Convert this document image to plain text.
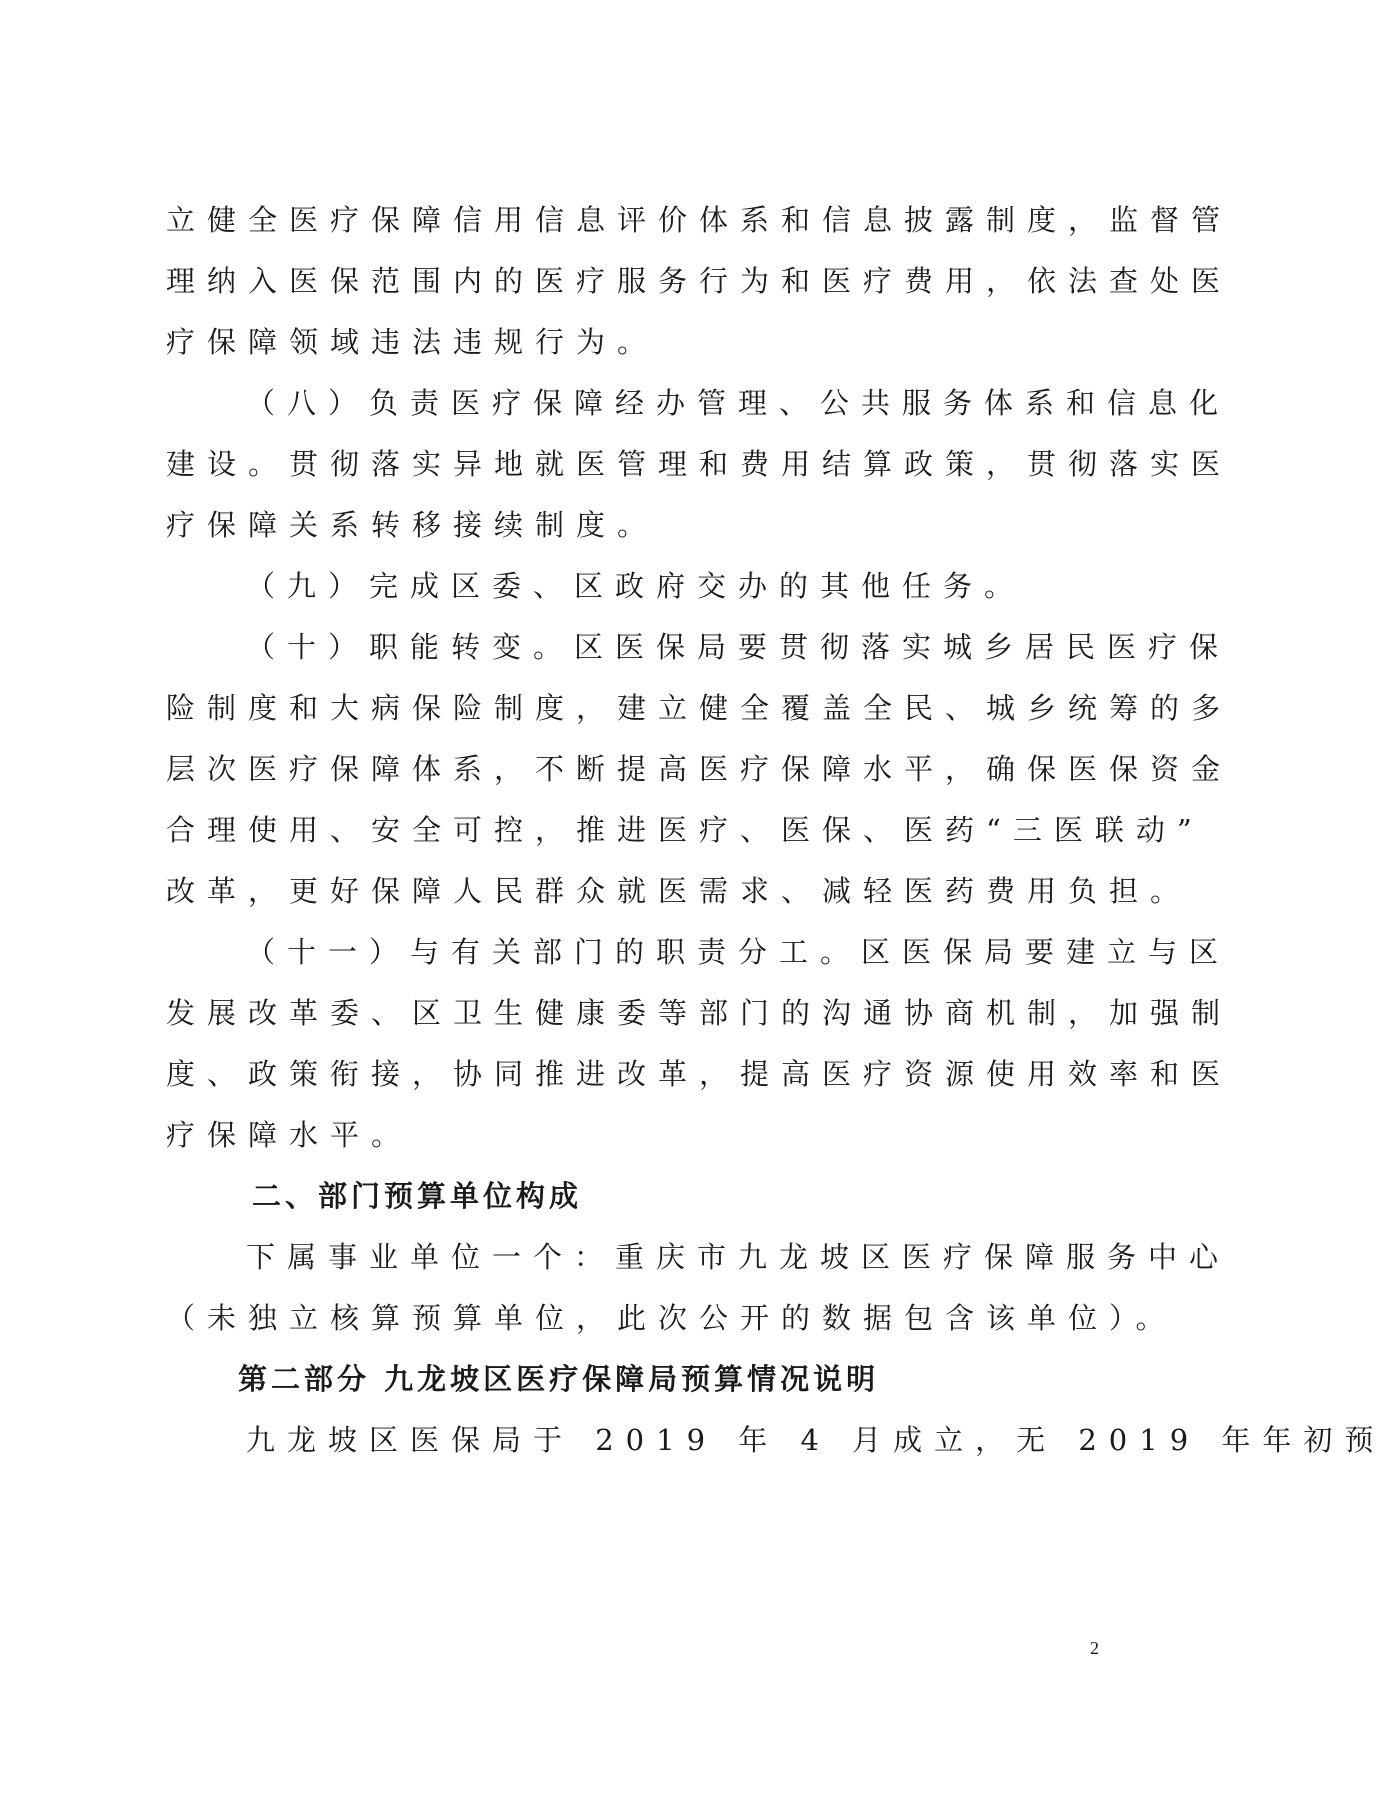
立健全医疗保障信用信息评价体系和信息披露制度，监督管
理纳入医保范围内的医疗服务行为和医疗费用，依法查处医
疗保障领域违法违规行为。
（八）负责医疗保障经办管理、公共服务体系和信息化
建设。贯彻落实异地就医管理和费用结算政策，贯彻落实医
疗保障关系转移接续制度。
（九）完成区委、区政府交办的其他任务。
（十）职能转变。区医保局要贯彻落实城乡居民医疗保
险制度和大病保险制度，建立健全覆盖全民、城乡统筹的多
层次医疗保障体系，不断提高医疗保障水平，确保医保资金
合理使用、安全可控，推进医疗、医保、医药“三医联动”
改革，更好保障人民群众就医需求、减轻医药费用负担。
（十一）与有关部门的职责分工。区医保局要建立与区
发展改革委、区卫生健康委等部门的沟通协商机制，加强制
度、政策衔接，协同推进改革，提高医疗资源使用效率和医
疗保障水平。
二、部门预算单位构成
下属事业单位一个：重庆市九龙坡区医疗保障服务中心
（未独立核算预算单位，此次公开的数据包含该单位）。
第二部分 九龙坡区医疗保障局预算情况说明
九龙坡区医保局于 2019 年 4 月成立，无 2019 年年初预
2
